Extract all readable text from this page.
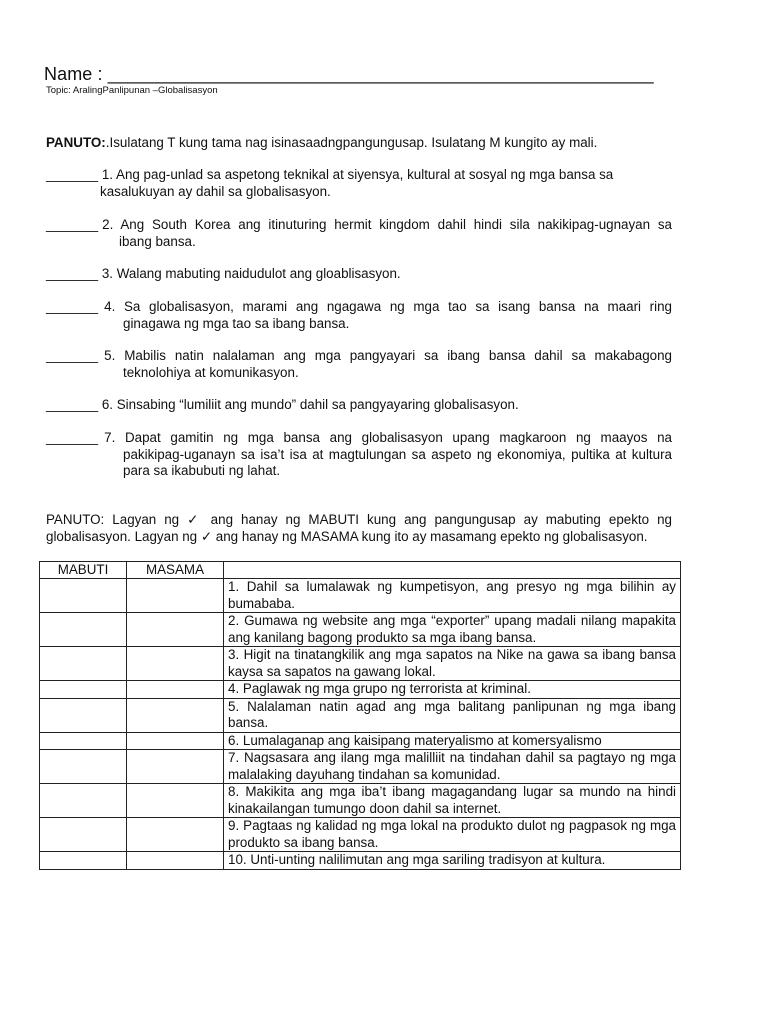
Name : ______________________________________________________
Topic: AralingPanlipunan –Globalisasyon
PANUTO:.Isulatang T kung tama nag isinasaadngpangungusap. Isulatang M kungito ay mali.
_______ 1. Ang pag-unlad sa aspetong teknikal at siyensya, kultural at sosyal ng mga bansa sa
kasalukuyan ay dahil sa globalisasyon.
_______ 2. Ang South Korea ang itinuturing hermit kingdom dahil hindi sila nakikipag-ugnayan sa
ibang bansa.
_______ 3. Walang mabuting naidudulot ang gloablisasyon.
_______ 4. Sa globalisasyon, marami ang ngagawa ng mga tao sa isang bansa na maari ring
ginagawa ng mga tao sa ibang bansa.
_______ 5. Mabilis natin nalalaman ang mga pangyayari sa ibang bansa dahil sa makabagong
teknolohiya at komunikasyon.
_______ 6. Sinsabing “lumiliit ang mundo” dahil sa pangyayaring globalisasyon.
_______ 7. Dapat gamitin ng mga bansa ang globalisasyon upang magkaroon ng maayos na
pakikipag-uganayn sa isa’t isa at magtulungan sa aspeto ng ekonomiya, pultika at kultura
para sa ikabubuti ng lahat.
PANUTO: Lagyan ng ✓ ang hanay ng MABUTI kung ang pangungusap ay mabuting epekto ng globalisasyon. Lagyan ng ✓ ang hanay ng MASAMA kung ito ay masamang epekto ng globalisasyon.
MABUTI	MASAMA	
		1. Dahil sa lumalawak ng kumpetisyon, ang presyo ng mga bilihin ay bumababa.
		2. Gumawa ng website ang mga “exporter” upang madali nilang mapakita ang kanilang bagong produkto sa mga ibang bansa.
		3. Higit na tinatangkilik ang mga sapatos na Nike na gawa sa ibang bansa kaysa sa sapatos na gawang lokal.
		4. Paglawak ng mga grupo ng terrorista at kriminal.
		5. Nalalaman natin agad ang mga balitang panlipunan ng mga ibang bansa.
		6. Lumalaganap ang kaisipang materyalismo at komersyalismo
		7. Nagsasara ang ilang mga malilliit na tindahan dahil sa pagtayo ng mga malalaking dayuhang tindahan sa komunidad.
		8. Makikita ang mga iba’t ibang magagandang lugar sa mundo na hindi kinakailangan tumungo doon dahil sa internet.
		9. Pagtaas ng kalidad ng mga lokal na produkto dulot ng pagpasok ng mga produkto sa ibang bansa.
		10. Unti-unting nalilimutan ang mga sariling tradisyon at kultura.
